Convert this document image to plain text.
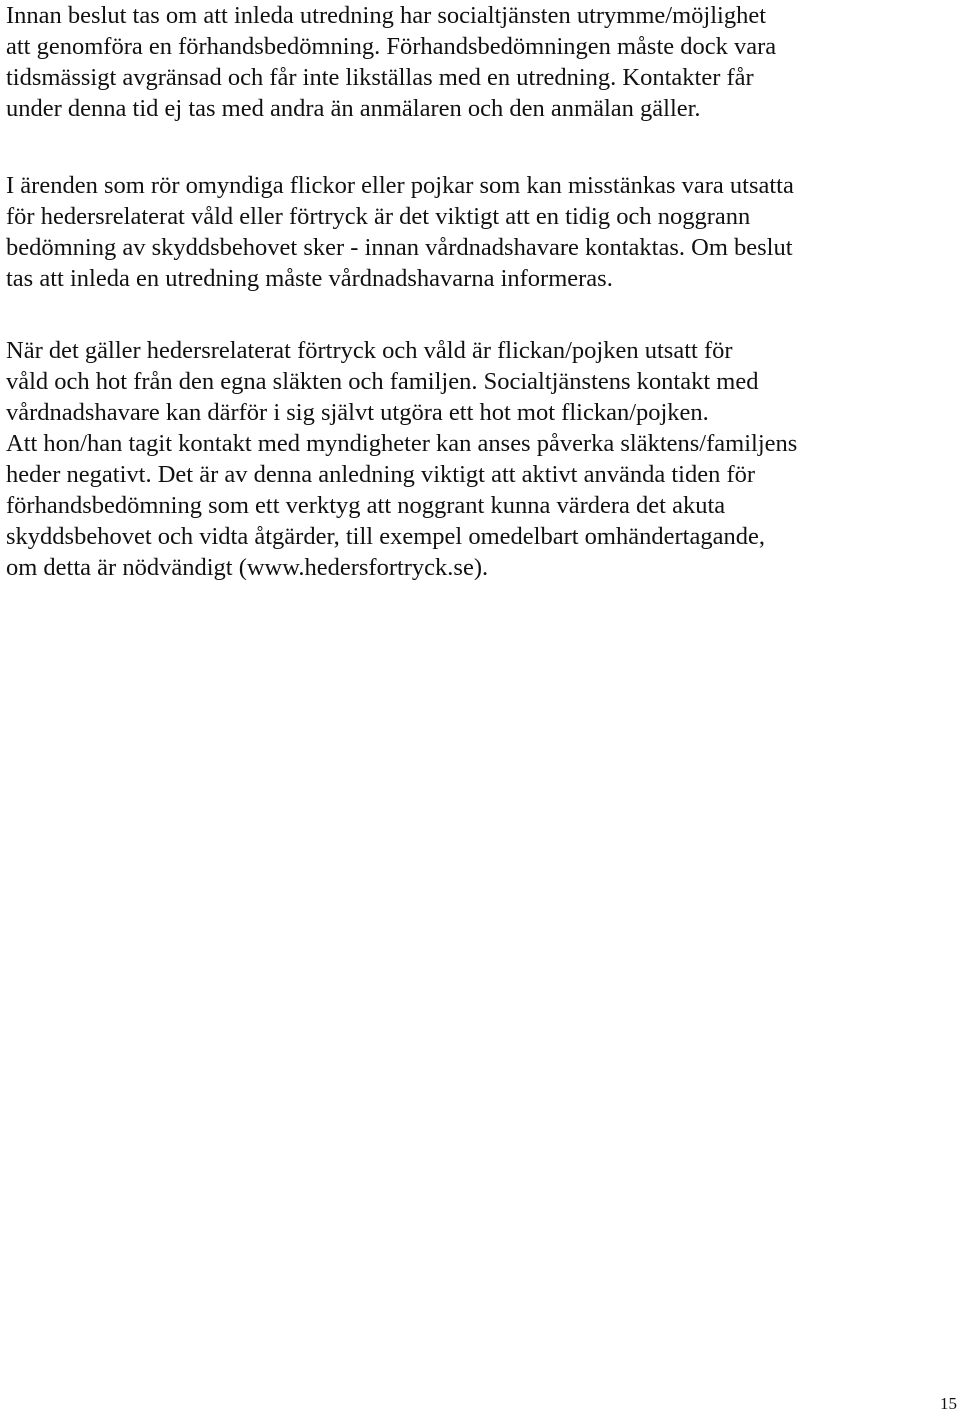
Innan beslut tas om att inleda utredning har socialtjänsten utrymme/möjlighet
att genomföra en förhandsbedömning. Förhandsbedömningen måste dock vara
tidsmässigt avgränsad och får inte likställas med en utredning. Kontakter får
under denna tid ej tas med andra än anmälaren och den anmälan gäller.

I ärenden som rör omyndiga flickor eller pojkar som kan misstänkas vara utsatta
för hedersrelaterat våld eller förtryck är det viktigt att en tidig och noggrann
bedömning av skyddsbehovet sker - innan vårdnadshavare kontaktas. Om beslut
tas att inleda en utredning måste vårdnadshavarna informeras.

När det gäller hedersrelaterat förtryck och våld är flickan/pojken utsatt för
våld och hot från den egna släkten och familjen. Socialtjänstens kontakt med
vårdnadshavare kan därför i sig självt utgöra ett hot mot flickan/pojken.
Att hon/han tagit kontakt med myndigheter kan anses påverka släktens/familjens
heder negativt. Det är av denna anledning viktigt att aktivt använda tiden för
förhandsbedömning som ett verktyg att noggrant kunna värdera det akuta
skyddsbehovet och vidta åtgärder, till exempel omedelbart omhändertagande,
om detta är nödvändigt (www.hedersfortryck.se).

15
